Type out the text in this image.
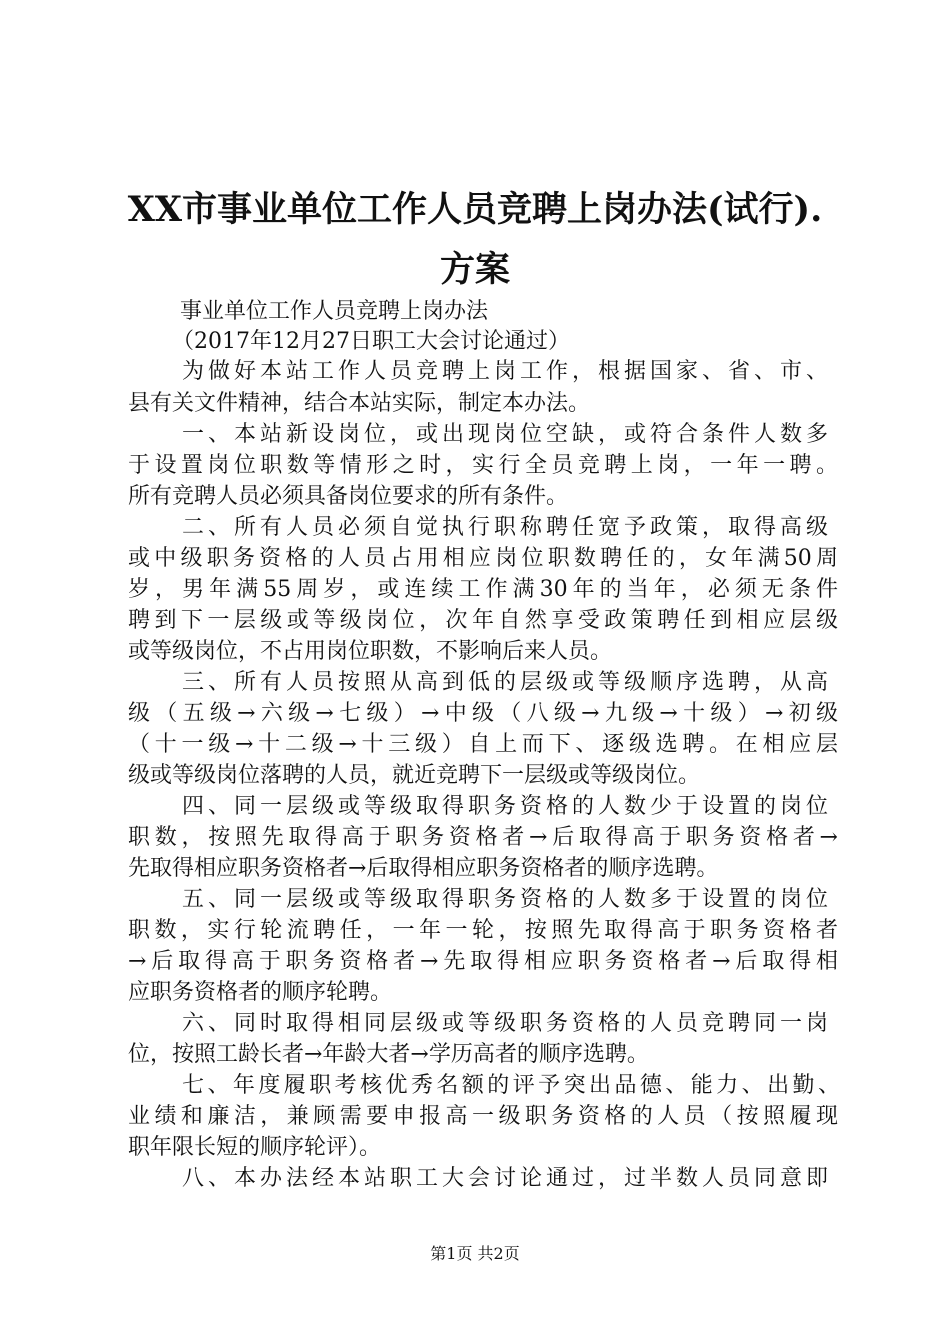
XX市事业单位工作人员竞聘上岗办法(试行).
方案
事业单位工作人员竞聘上岗办法
（2017年12月27日职工大会讨论通过）
为做好本站工作人员竞聘上岗工作，根据国家、省、市、
县有关文件精神，结合本站实际，制定本办法。
一、本站新设岗位，或出现岗位空缺，或符合条件人数多
于设置岗位职数等情形之时，实行全员竞聘上岗，一年一聘。
所有竞聘人员必须具备岗位要求的所有条件。
二、所有人员必须自觉执行职称聘任宽予政策，取得高级
或中级职务资格的人员占用相应岗位职数聘任的，女年满50周
岁，男年满55周岁，或连续工作满30年的当年，必须无条件
聘到下一层级或等级岗位，次年自然享受政策聘任到相应层级
或等级岗位，不占用岗位职数，不影响后来人员。
三、所有人员按照从高到低的层级或等级顺序选聘，从高
级（五级→六级→七级）→中级（八级→九级→十级）→初级
（十一级→十二级→十三级）自上而下、逐级选聘。在相应层
级或等级岗位落聘的人员，就近竞聘下一层级或等级岗位。
四、同一层级或等级取得职务资格的人数少于设置的岗位
职数，按照先取得高于职务资格者→后取得高于职务资格者→
先取得相应职务资格者→后取得相应职务资格者的顺序选聘。
五、同一层级或等级取得职务资格的人数多于设置的岗位
职数，实行轮流聘任，一年一轮，按照先取得高于职务资格者
→后取得高于职务资格者→先取得相应职务资格者→后取得相
应职务资格者的顺序轮聘。
六、同时取得相同层级或等级职务资格的人员竞聘同一岗
位，按照工龄长者→年龄大者→学历高者的顺序选聘。
七、年度履职考核优秀名额的评予突出品德、能力、出勤、
业绩和廉洁，兼顾需要申报高一级职务资格的人员（按照履现
职年限长短的顺序轮评）。
八、本办法经本站职工大会讨论通过，过半数人员同意即
第1页 共2页
